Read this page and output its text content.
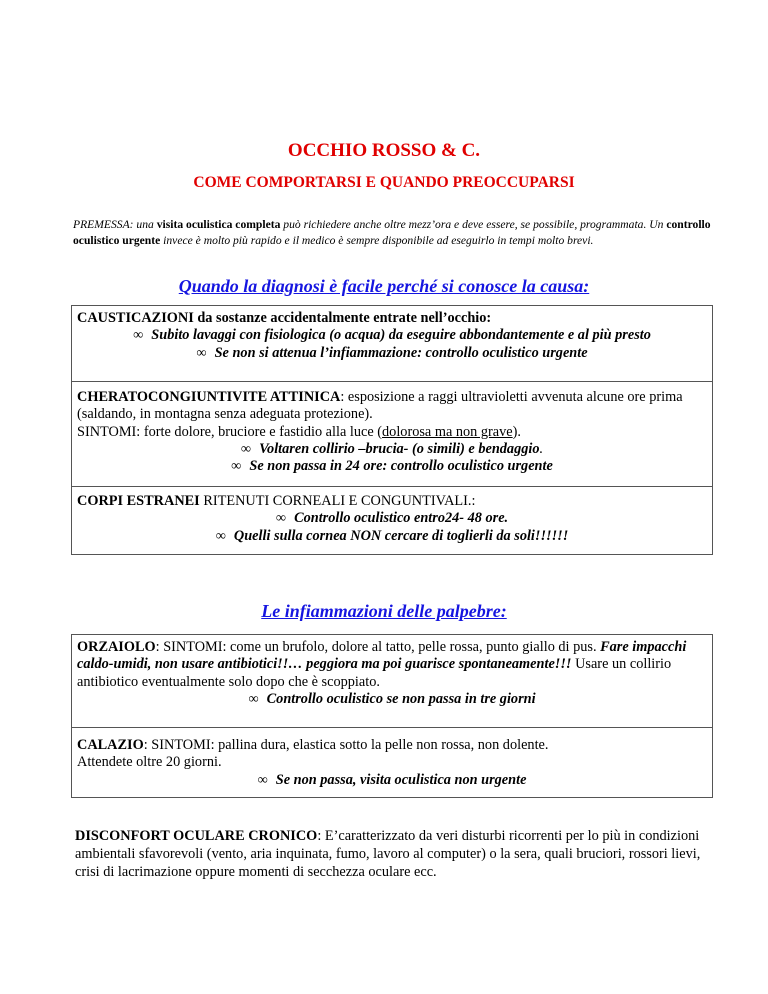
OCCHIO ROSSO & C.
COME COMPORTARSI E QUANDO PREOCCUPARSI

PREMESSA: una visita oculistica completa può richiedere anche oltre mezz’ora e deve essere, se possibile, programmata. Un controllo oculistico urgente invece è molto più rapido e il medico è sempre disponibile ad eseguirlo in tempi molto brevi.

Quando la diagnosi è facile perché si conosce la causa:
CAUSTICAZIONI da sostanze accidentalmente entrate nell’occhio:
∞ Subito lavaggi con fisiologica (o acqua) da eseguire abbondantemente e al più presto
∞ Se non si attenua l’infiammazione: controllo oculistico urgente
CHERATOCONGIUNTIVITE ATTINICA: esposizione a raggi ultravioletti avvenuta alcune ore prima (saldando, in montagna senza adeguata protezione).
SINTOMI: forte dolore, bruciore e fastidio alla luce (dolorosa ma non grave).
∞ Voltaren collirio –brucia- (o simili) e bendaggio.
∞ Se non passa in 24 ore: controllo oculistico urgente
CORPI ESTRANEI RITENUTI CORNEALI E CONGUNTIVALI.:
∞ Controllo oculistico entro24- 48 ore.
∞ Quelli sulla cornea NON cercare di toglierli da soli!!!!!!
Le infiammazioni delle palpebre:
ORZAIOLO: SINTOMI: come un brufolo, dolore al tatto, pelle rossa, punto giallo di pus. Fare impacchi caldo-umidi, non usare antibiotici!!… peggiora ma poi guarisce spontaneamente!!! Usare un collirio antibiotico eventualmente solo dopo che è scoppiato.
∞ Controllo oculistico se non passa in tre giorni
CALAZIO: SINTOMI: pallina dura, elastica sotto la pelle non rossa, non dolente.
Attendete oltre 20 giorni.
∞ Se non passa, visita oculistica non urgente

DISCONFORT OCULARE CRONICO: E’caratterizzato da veri disturbi ricorrenti per lo più in condizioni ambientali sfavorevoli (vento, aria inquinata, fumo, lavoro al computer) o la sera, quali bruciori, rossori lievi, crisi di lacrimazione oppure momenti di secchezza oculare ecc.
